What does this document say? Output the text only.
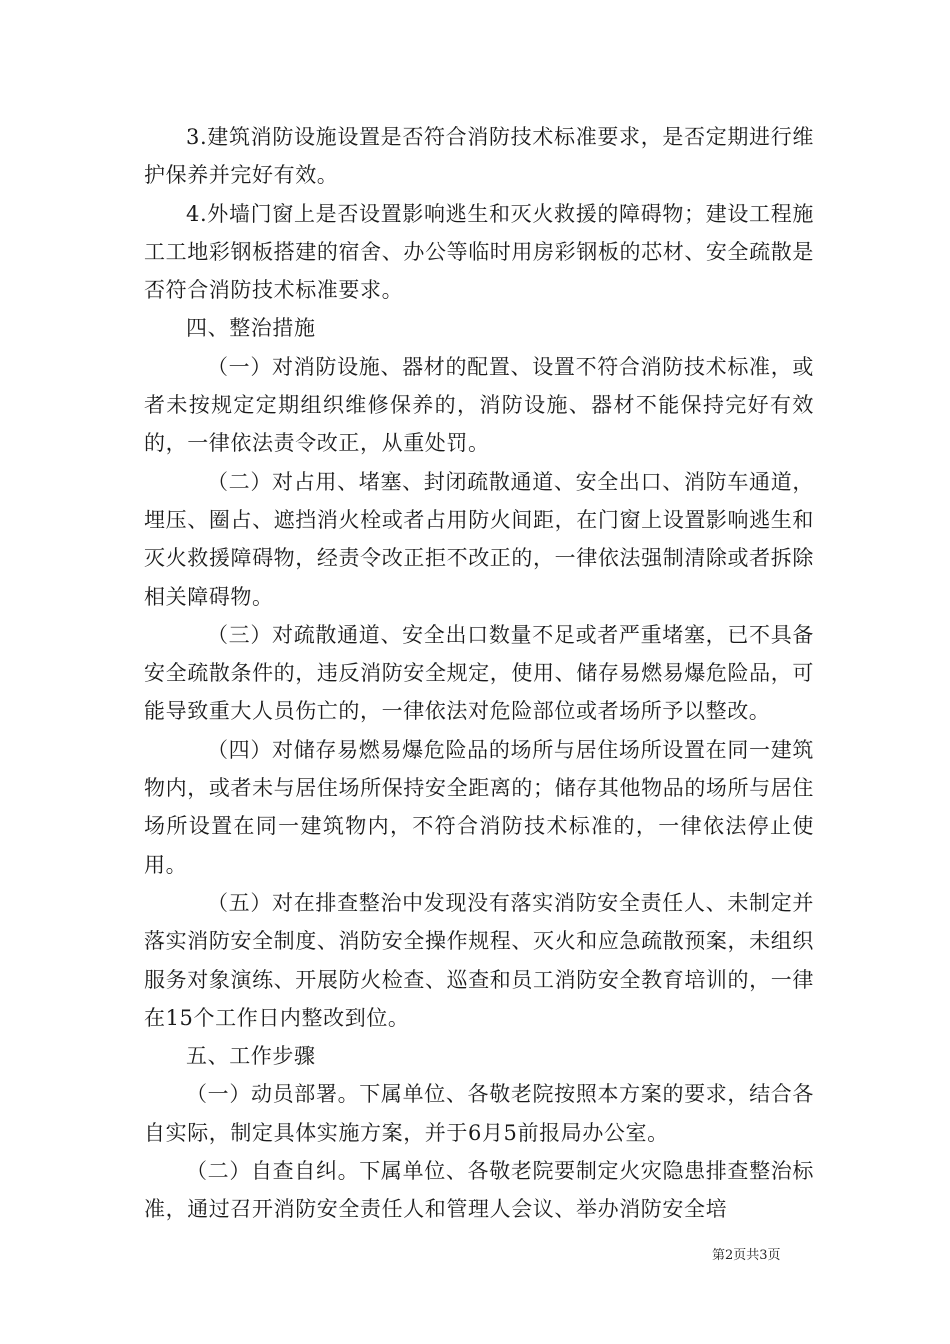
3.建筑消防设施设置是否符合消防技术标准要求，是否定期进行维护保养并完好有效。

4.外墙门窗上是否设置影响逃生和灭火救援的障碍物；建设工程施工工地彩钢板搭建的宿舍、办公等临时用房彩钢板的芯材、安全疏散是否符合消防技术标准要求。

四、整治措施

（一）对消防设施、器材的配置、设置不符合消防技术标准，或者未按规定定期组织维修保养的，消防设施、器材不能保持完好有效的，一律依法责令改正，从重处罚。

（二）对占用、堵塞、封闭疏散通道、安全出口、消防车通道，埋压、圈占、遮挡消火栓或者占用防火间距，在门窗上设置影响逃生和灭火救援障碍物，经责令改正拒不改正的，一律依法强制清除或者拆除相关障碍物。

（三）对疏散通道、安全出口数量不足或者严重堵塞，已不具备安全疏散条件的，违反消防安全规定，使用、储存易燃易爆危险品，可能导致重大人员伤亡的，一律依法对危险部位或者场所予以整改。

（四）对储存易燃易爆危险品的场所与居住场所设置在同一建筑物内，或者未与居住场所保持安全距离的；储存其他物品的场所与居住场所设置在同一建筑物内，不符合消防技术标准的，一律依法停止使用。

（五）对在排查整治中发现没有落实消防安全责任人、未制定并落实消防安全制度、消防安全操作规程、灭火和应急疏散预案，未组织服务对象演练、开展防火检查、巡查和员工消防安全教育培训的，一律在15个工作日内整改到位。

五、工作步骤

（一）动员部署。下属单位、各敬老院按照本方案的要求，结合各自实际，制定具体实施方案，并于6月5前报局办公室。

（二）自查自纠。下属单位、各敬老院要制定火灾隐患排查整治标准，通过召开消防安全责任人和管理人会议、举办消防安全培

第2页共3页
